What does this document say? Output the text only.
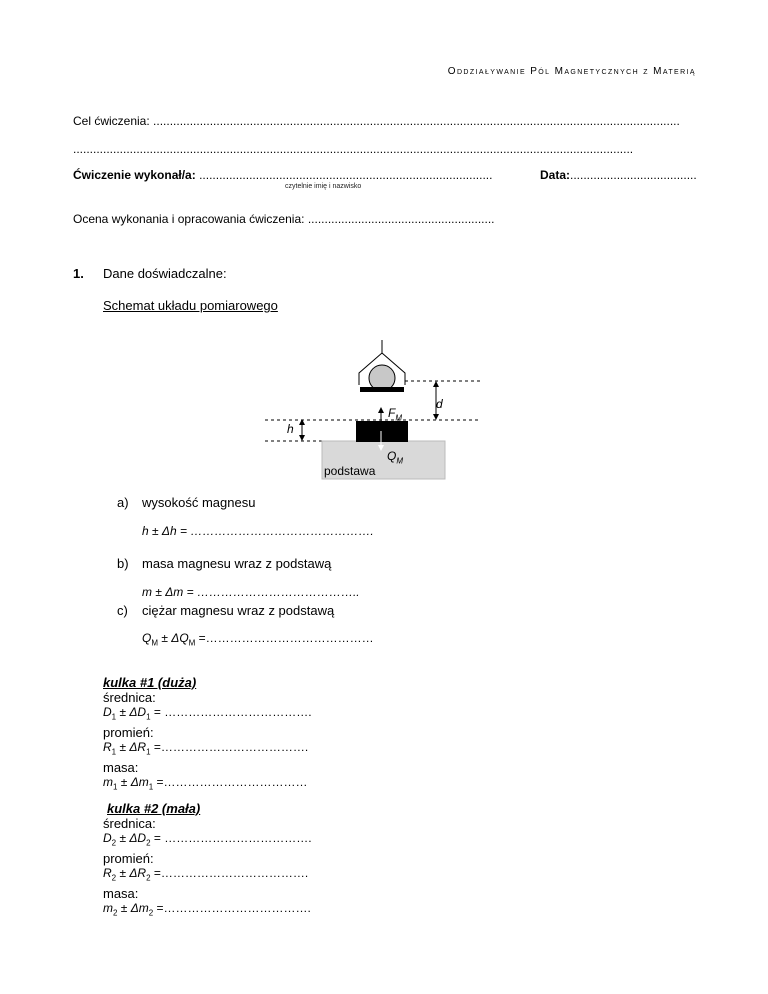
Oddziaływanie Pól Magnetycznych z Materią
Cel ćwiczenia: ..............................................................................................................................................................
........................................................................................................................................................................
Ćwiczenie wykonał/a: ........................................................................................
czytelnie imię i nazwisko
Data:......................................
Ocena wykonania i opracowania ćwiczenia: ........................................................
1. Dane doświadczalne:
Schemat układu pomiarowego
d
$F_M$
h
$Q_M$
podstawa
a) wysokość magnesu
h ± Δh = ……………………………………….
b) masa magnesu wraz z podstawą
m ± Δm = …………………………………..
c) ciężar magnesu wraz z podstawą
$Q_M \pm \Delta Q_M$ =……………………………………
kulka #1 (duża)
średnica:
$D_1 \pm \Delta D_1$ = ……………………………….
promień:
$R_1 \pm \Delta R_1$ =……………………………….
masa:
$m_1 \pm \Delta m_1$ =………………………………
kulka #2 (mała)
średnica:
$D_2 \pm \Delta D_2$ = ……………………………….
promień:
$R_2 \pm \Delta R_2$ =……………………………….
masa:
$m_2 \pm \Delta m_2$ =……………………………….
